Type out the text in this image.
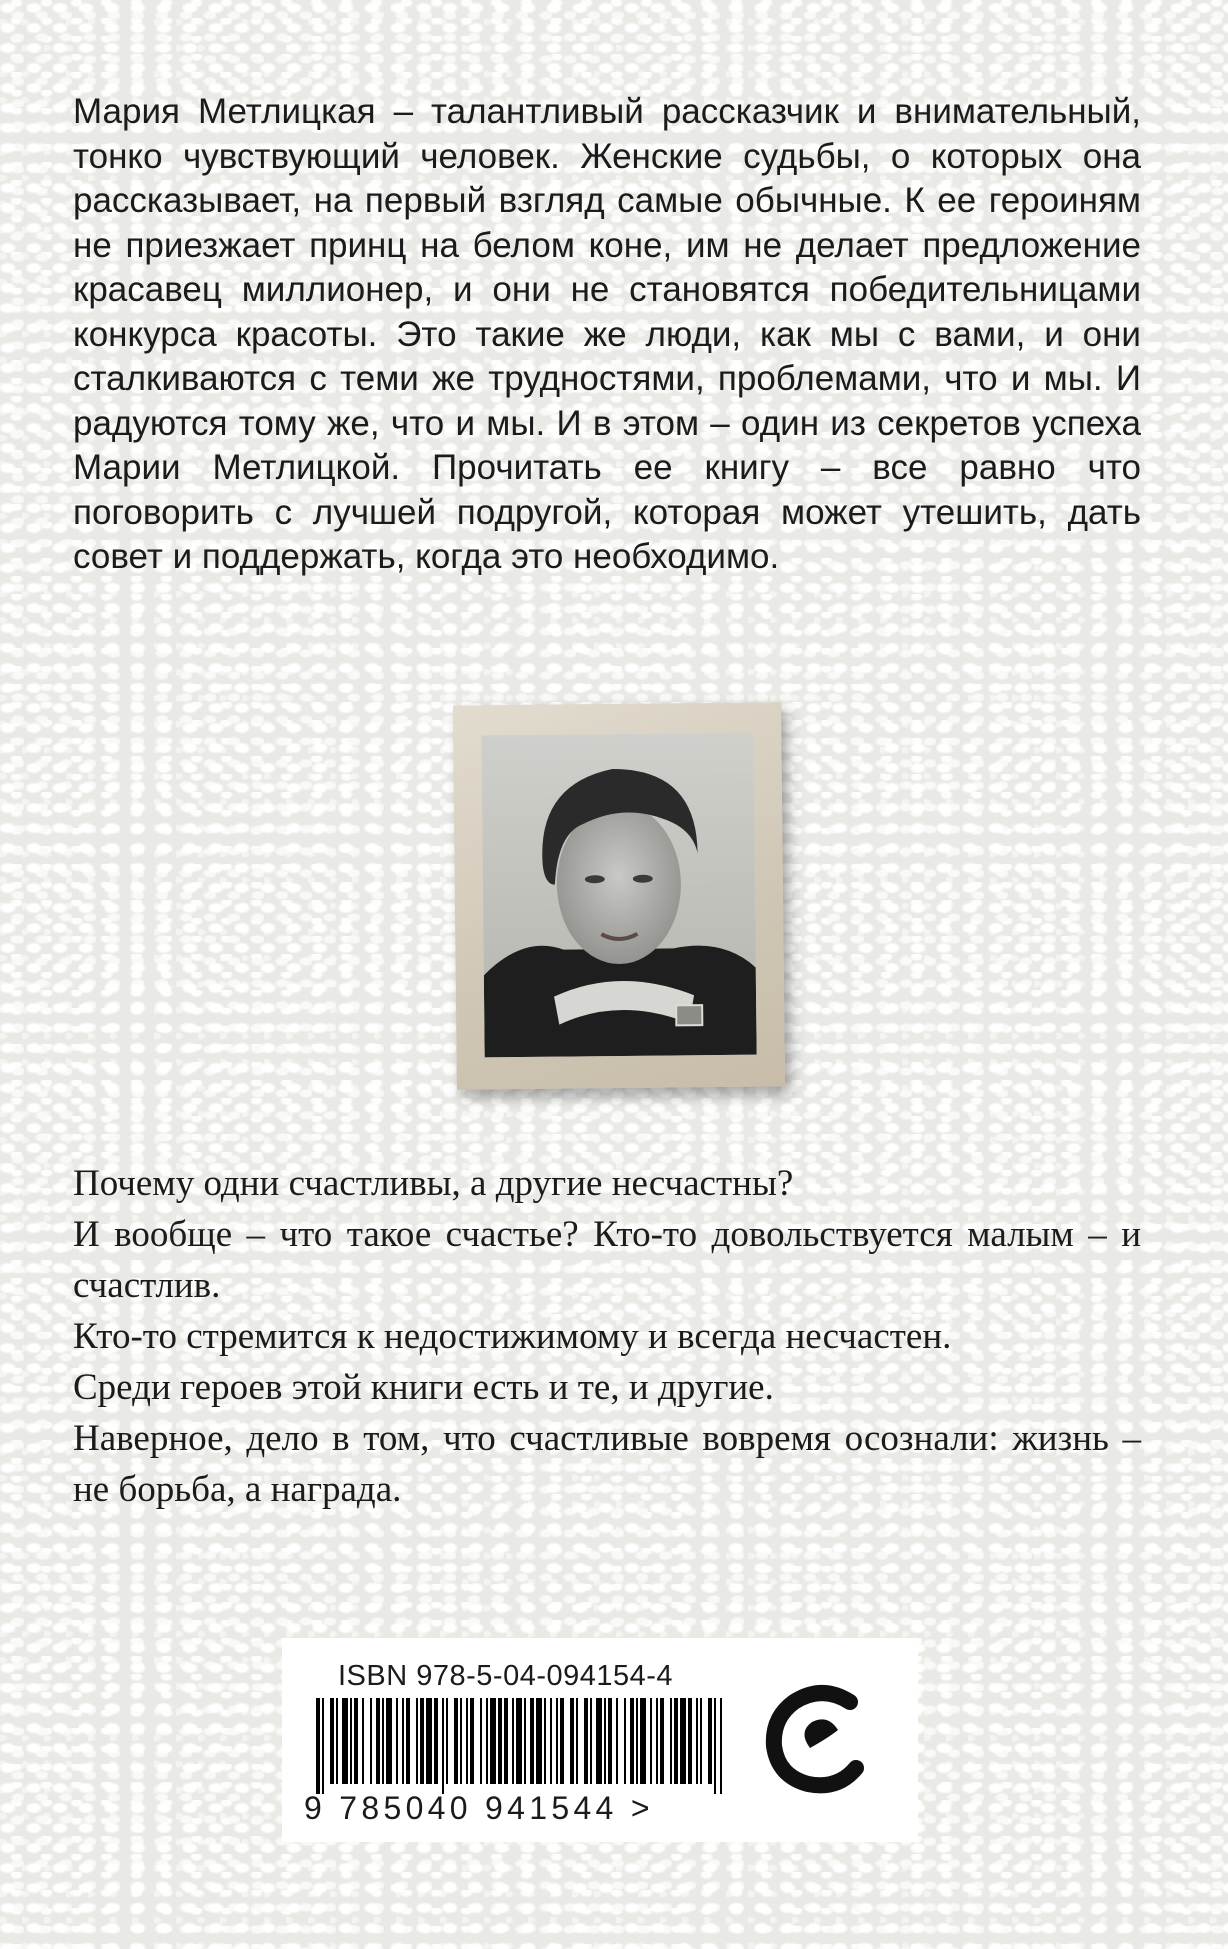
Мария Метлицкая – талантливый рассказчик и внимательный, тонко чувствующий человек. Женские судьбы, о которых она рассказывает, на первый взгляд самые обычные. К ее героиням не приезжает принц на белом коне, им не делает предложение красавец миллионер, и они не становятся победительницами конкурса красоты. Это такие же люди, как мы с вами, и они сталкиваются с теми же трудностями, проблемами, что и мы. И радуются тому же, что и мы. И в этом – один из секретов успеха Марии Метлицкой. Прочитать ее книгу – все равно что поговорить с лучшей подругой, которая может утешить, дать совет и поддержать, когда это необходимо.

Почему одни счастливы, а другие несчастны?

И вообще – что такое счастье? Кто-то довольствуется малым – и счастлив.

Кто-то стремится к недостижимому и всегда несчастен.

Среди героев этой книги есть и те, и другие.

Наверное, дело в том, что счастливые вовремя осознали: жизнь – не борьба, а награда.

ISBN 978-5-04-094154-4
9 785040 941544 >
